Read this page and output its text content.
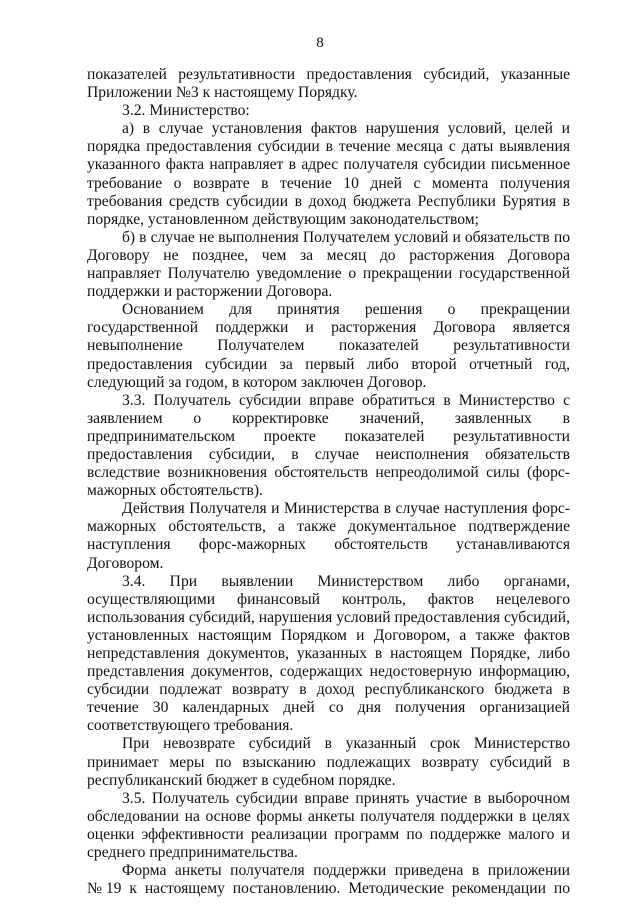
8

показателей результативности предоставления субсидий, указанные Приложении №3 к настоящему Порядку.

3.2. Министерство:

а) в случае установления фактов нарушения условий, целей и порядка предоставления субсидии в течение месяца с даты выявления указанного факта направляет в адрес получателя субсидии письменное требование о возврате в течение 10 дней с момента получения требования средств субсидии в доход бюджета Республики Бурятия в порядке, установленном действующим законодательством;

б) в случае не выполнения Получателем условий и обязательств по Договору не позднее, чем за месяц до расторжения Договора направляет Получателю уведомление о прекращении государственной поддержки и расторжении Договора.

Основанием для принятия решения о прекращении государственной поддержки и расторжения Договора является невыполнение Получателем показателей результативности предоставления субсидии за первый либо второй отчетный год, следующий за годом, в котором заключен Договор.

3.3. Получатель субсидии вправе обратиться в Министерство с заявлением о корректировке значений, заявленных в предпринимательском проекте показателей результативности предоставления субсидии, в случае неисполнения обязательств вследствие возникновения обстоятельств непреодолимой силы (форс-мажорных обстоятельств).

Действия Получателя и Министерства в случае наступления форс-мажорных обстоятельств, а также документальное подтверждение наступления форс-мажорных обстоятельств устанавливаются Договором.

3.4. При выявлении Министерством либо органами, осуществляющими финансовый контроль, фактов нецелевого использования субсидий, нарушения условий предоставления субсидий, установленных настоящим Порядком и Договором, а также фактов непредставления документов, указанных в настоящем Порядке, либо представления документов, содержащих недостоверную информацию, субсидии подлежат возврату в доход республиканского бюджета в течение 30 календарных дней со дня получения организацией соответствующего требования.

При невозврате субсидий в указанный срок Министерство принимает меры по взысканию подлежащих возврату субсидий в республиканский бюджет в судебном порядке.

3.5. Получатель субсидии вправе принять участие в выборочном обследовании на основе формы анкеты получателя поддержки в целях оценки эффективности реализации программ по поддержке малого и среднего предпринимательства.

Форма анкеты получателя поддержки приведена в приложении №19 к настоящему постановлению. Методические рекомендации по
